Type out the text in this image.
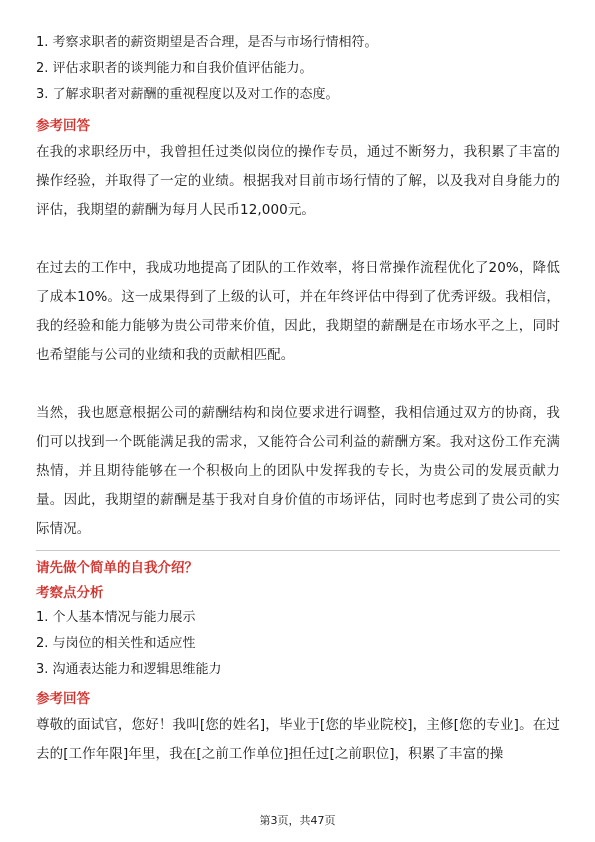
1. 考察求职者的薪资期望是否合理，是否与市场行情相符。
2. 评估求职者的谈判能力和自我价值评估能力。
3. 了解求职者对薪酬的重视程度以及对工作的态度。
参考回答

在我的求职经历中，我曾担任过类似岗位的操作专员，通过不断努力，我积累了丰富的操作经验，并取得了一定的业绩。根据我对目前市场行情的了解，以及我对自身能力的评估，我期望的薪酬为每月人民币12,000元。

在过去的工作中，我成功地提高了团队的工作效率，将日常操作流程优化了20%，降低了成本10%。这一成果得到了上级的认可，并在年终评估中得到了优秀评级。我相信，我的经验和能力能够为贵公司带来价值，因此，我期望的薪酬是在市场水平之上，同时也希望能与公司的业绩和我的贡献相匹配。

当然，我也愿意根据公司的薪酬结构和岗位要求进行调整，我相信通过双方的协商，我们可以找到一个既能满足我的需求，又能符合公司利益的薪酬方案。我对这份工作充满热情，并且期待能够在一个积极向上的团队中发挥我的专长，为贵公司的发展贡献力量。因此，我期望的薪酬是基于我对自身价值的市场评估，同时也考虑到了贵公司的实际情况。

请先做个简单的自我介绍？
考察点分析
1. 个人基本情况与能力展示
2. 与岗位的相关性和适应性
3. 沟通表达能力和逻辑思维能力
参考回答

尊敬的面试官，您好！我叫[您的姓名]，毕业于[您的毕业院校]，主修[您的专业]。在过去的[工作年限]年里，我在[之前工作单位]担任过[之前职位]，积累了丰富的操

第3页，共47页
